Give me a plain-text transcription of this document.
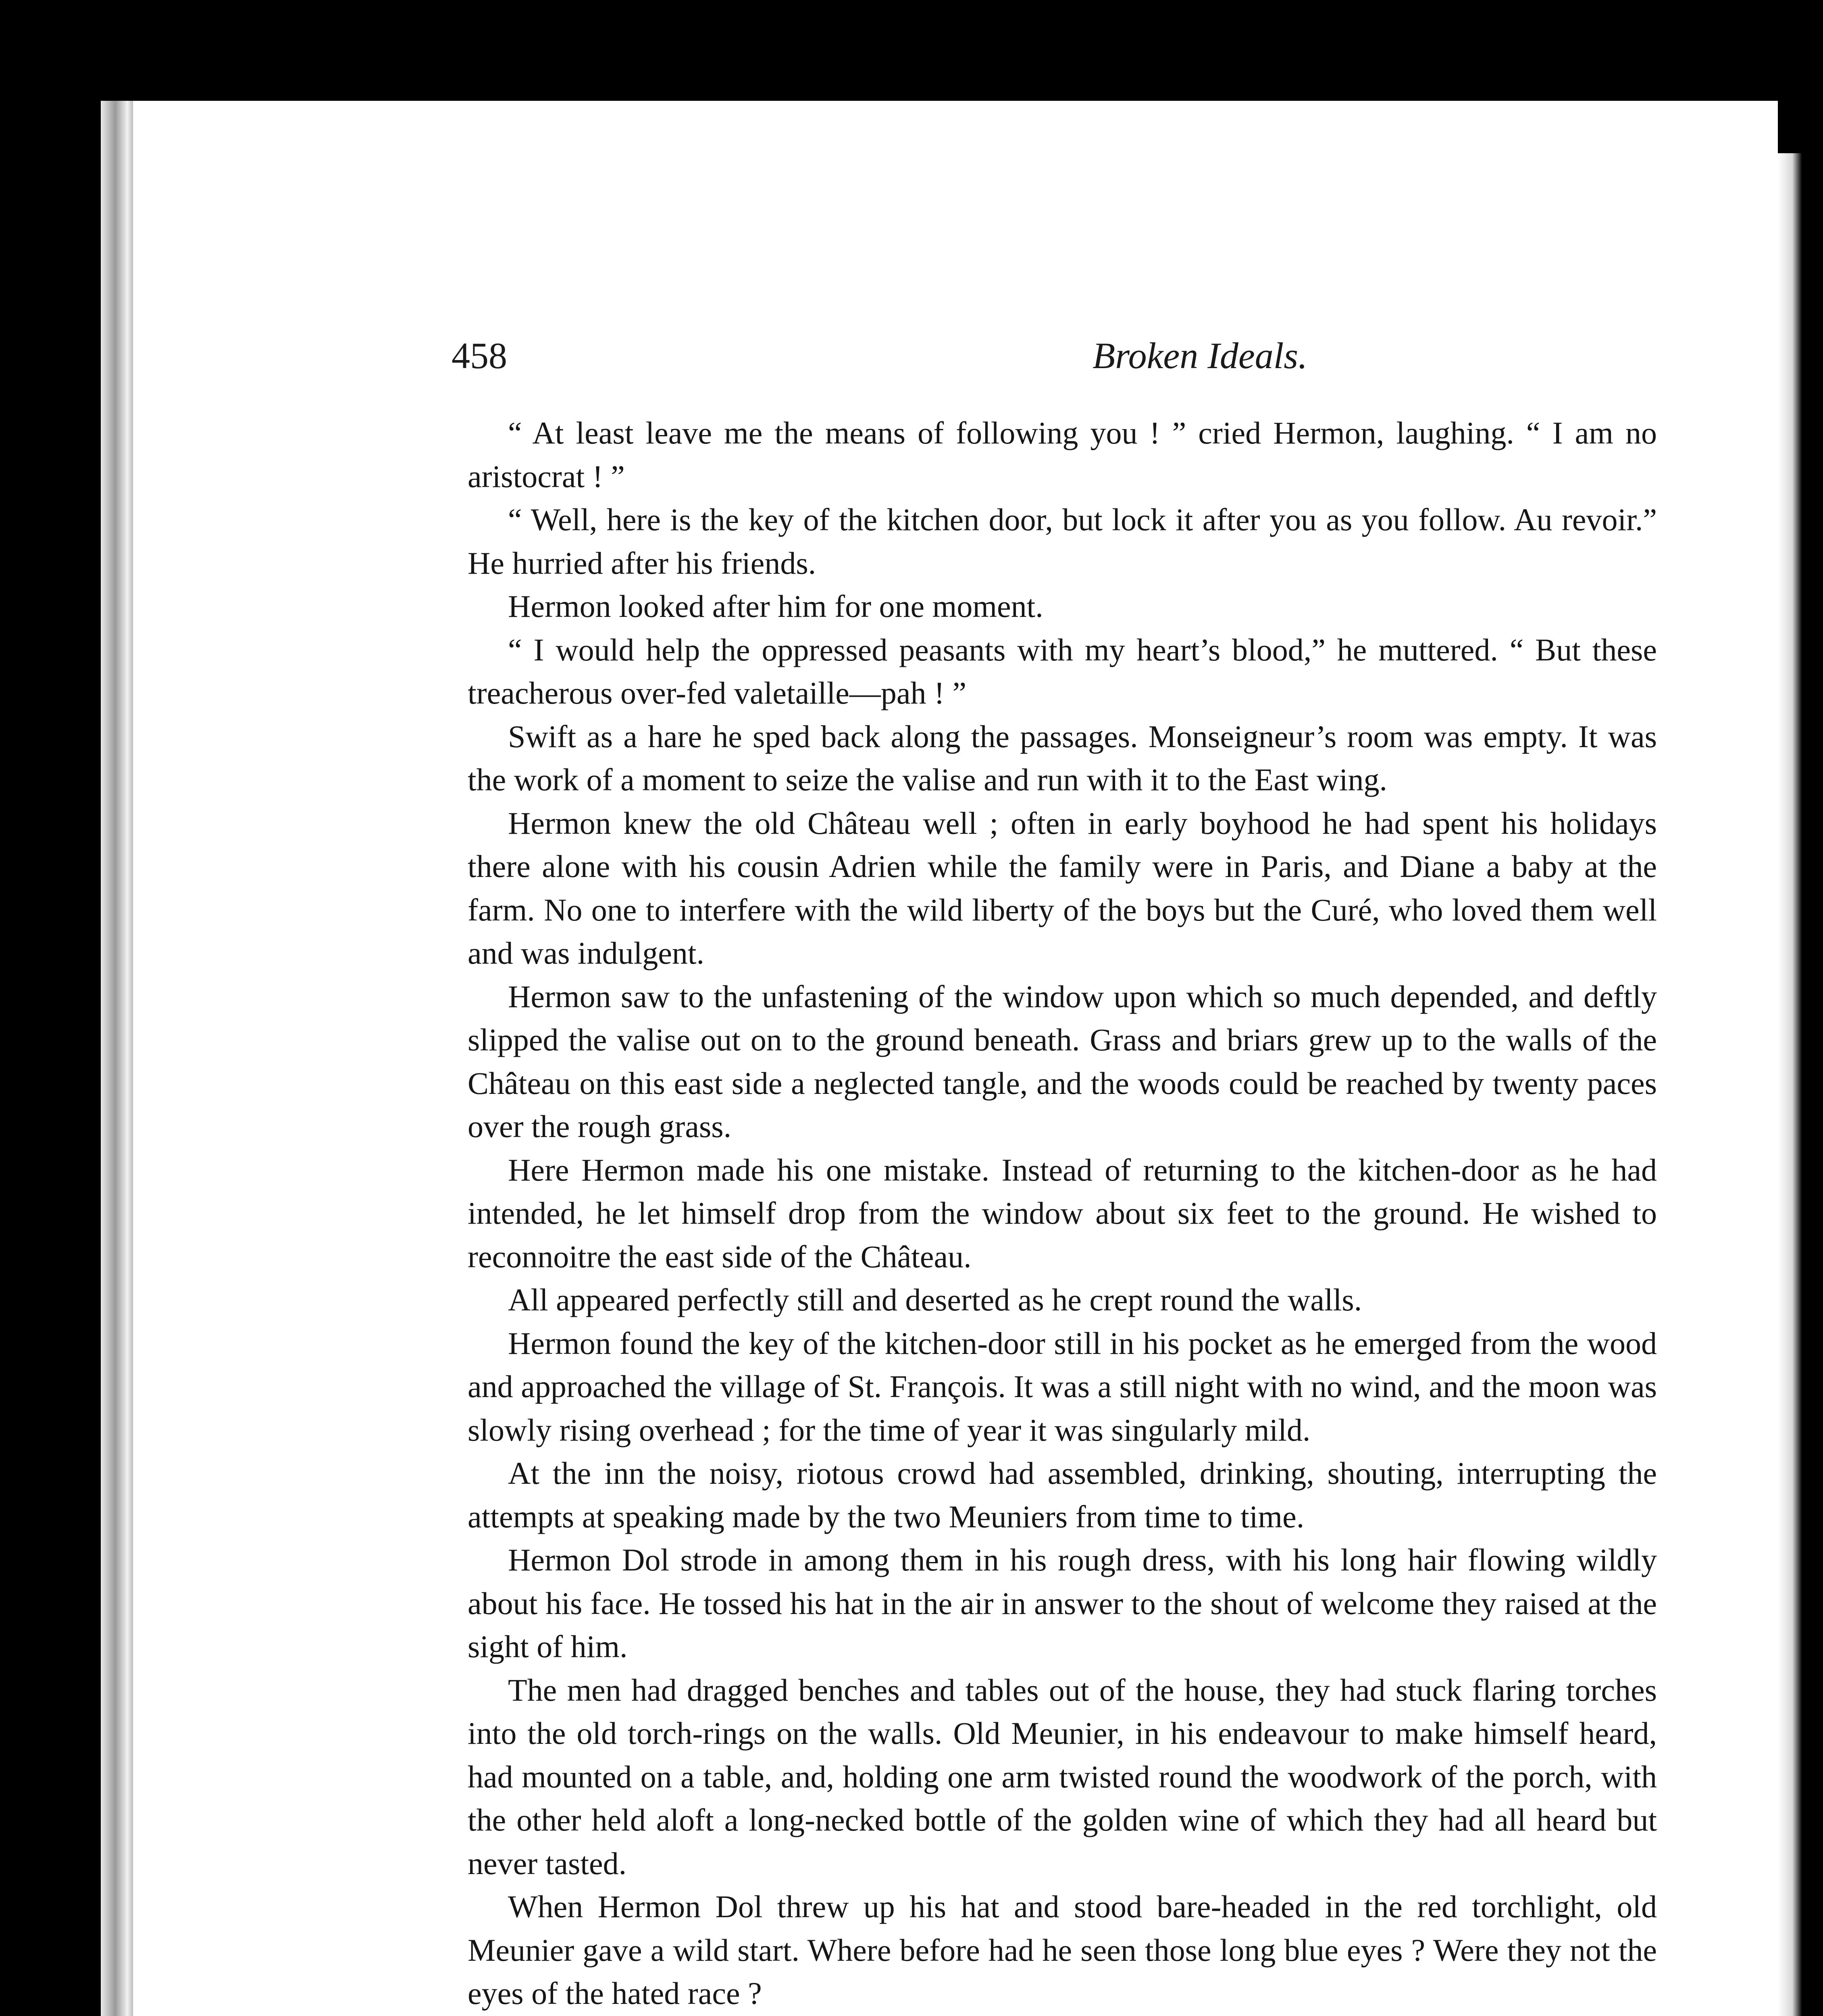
458	Broken Ideals.

“ At least leave me the means of following you ! ” cried Hermon, laughing. “ I am no aristocrat ! ”

“ Well, here is the key of the kitchen door, but lock it after you as you follow. Au revoir.” He hurried after his friends.

Hermon looked after him for one moment.

“ I would help the oppressed peasants with my heart’s blood,” he muttered. “ But these treacherous over-fed valetaille—pah ! ”

Swift as a hare he sped back along the passages. Monseigneur’s room was empty. It was the work of a moment to seize the valise and run with it to the East wing.

Hermon knew the old Château well ; often in early boyhood he had spent his holidays there alone with his cousin Adrien while the family were in Paris, and Diane a baby at the farm. No one to interfere with the wild liberty of the boys but the Curé, who loved them well and was indulgent.

Hermon saw to the unfastening of the window upon which so much depended, and deftly slipped the valise out on to the ground beneath. Grass and briars grew up to the walls of the Château on this east side a neglected tangle, and the woods could be reached by twenty paces over the rough grass.

Here Hermon made his one mistake. Instead of returning to the kitchen-door as he had intended, he let himself drop from the window about six feet to the ground. He wished to reconnoitre the east side of the Château.

All appeared perfectly still and deserted as he crept round the walls.

Hermon found the key of the kitchen-door still in his pocket as he emerged from the wood and approached the village of St. François. It was a still night with no wind, and the moon was slowly rising overhead ; for the time of year it was singularly mild.

At the inn the noisy, riotous crowd had assembled, drinking, shouting, interrupting the attempts at speaking made by the two Meuniers from time to time.

Hermon Dol strode in among them in his rough dress, with his long hair flowing wildly about his face. He tossed his hat in the air in answer to the shout of welcome they raised at the sight of him.

The men had dragged benches and tables out of the house, they had stuck flaring torches into the old torch-rings on the walls. Old Meunier, in his endeavour to make himself heard, had mounted on a table, and, holding one arm twisted round the woodwork of the porch, with the other held aloft a long-necked bottle of the golden wine of which they had all heard but never tasted.

When Hermon Dol threw up his hat and stood bare-headed in the red torchlight, old Meunier gave a wild start. Where before had he seen those long blue eyes ? Were they not the eyes of the hated race ?
